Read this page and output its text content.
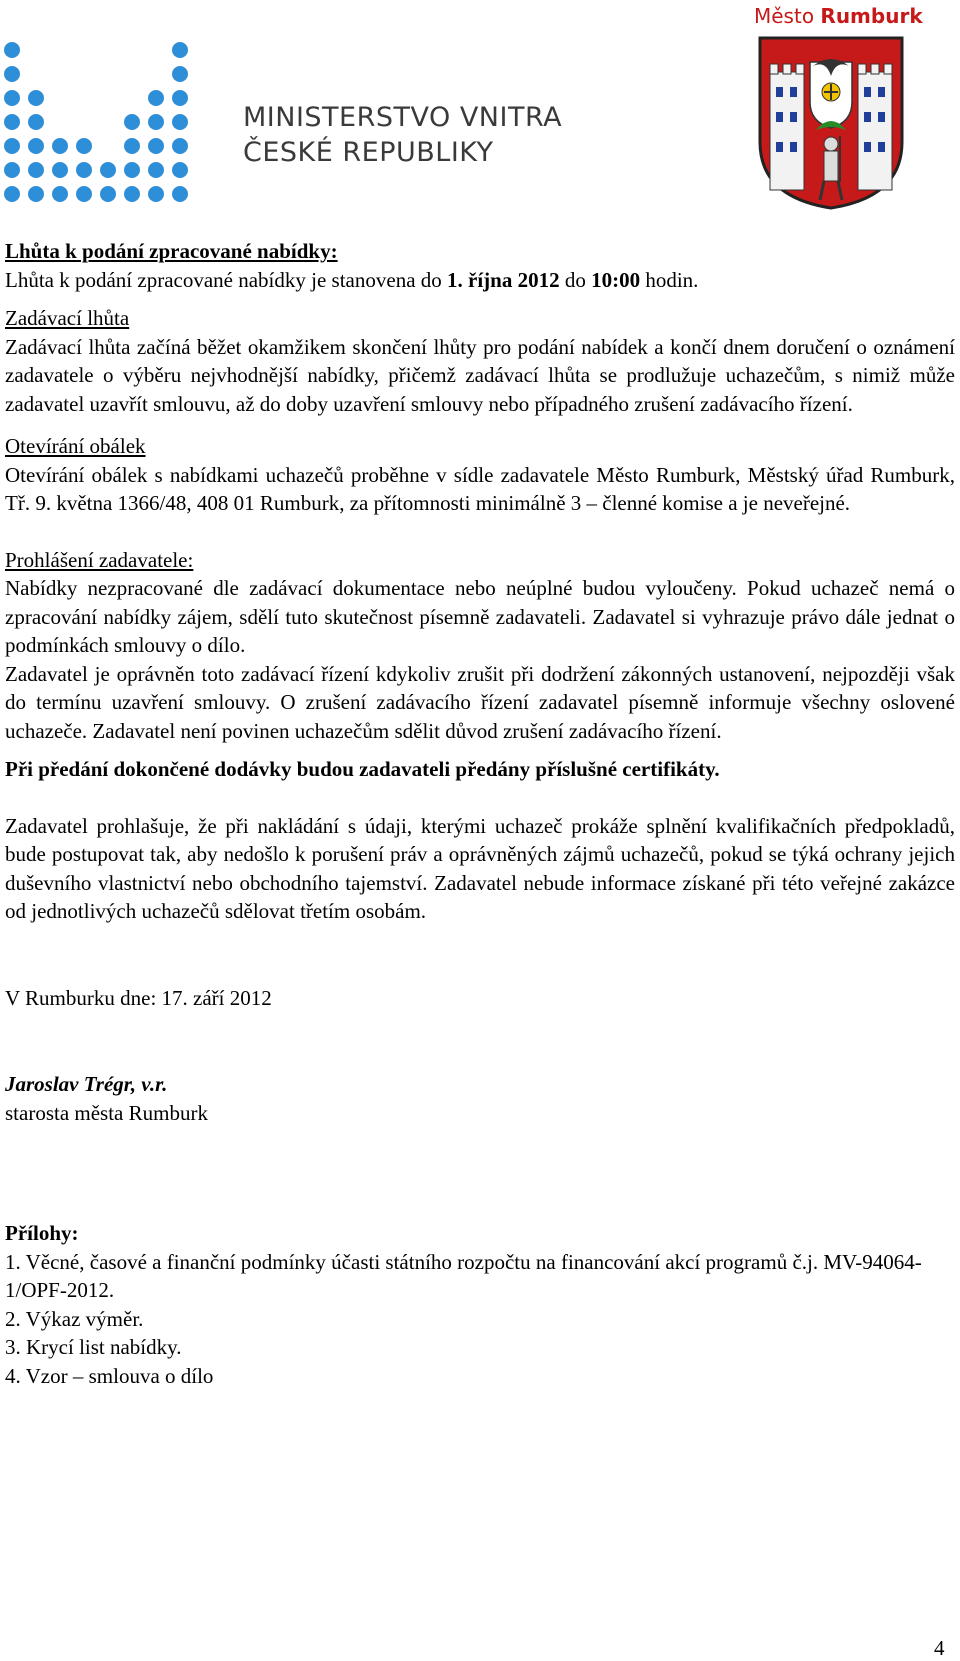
MINISTERSTVO VNITRA
ČESKÉ REPUBLIKY
Město Rumburk

Lhůta k podání zpracované nabídky:

Lhůta k podání zpracované nabídky je stanovena do 1. října 2012 do 10:00 hodin.

Zadávací lhůta

Zadávací lhůta začíná běžet okamžikem skončení lhůty pro podání nabídek a končí dnem doručení o oznámení zadavatele o výběru nejvhodnější nabídky, přičemž zadávací lhůta se prodlužuje uchazečům, s nimiž může zadavatel uzavřít smlouvu, až do doby uzavření smlouvy nebo případného zrušení zadávacího řízení.

Otevírání obálek

Otevírání obálek s nabídkami uchazečů proběhne v sídle zadavatele Město Rumburk, Městský úřad Rumburk, Tř. 9. května 1366/48, 408 01 Rumburk, za přítomnosti minimálně 3 – členné komise a je neveřejné.

Prohlášení zadavatele:

Nabídky nezpracované dle zadávací dokumentace nebo neúplné budou vyloučeny. Pokud uchazeč nemá o zpracování nabídky zájem, sdělí tuto skutečnost písemně zadavateli. Zadavatel si vyhrazuje právo dále jednat o podmínkách smlouvy o dílo.

Zadavatel je oprávněn toto zadávací řízení kdykoliv zrušit při dodržení zákonných ustanovení, nejpozději však do termínu uzavření smlouvy. O zrušení zadávacího řízení zadavatel písemně informuje všechny oslovené uchazeče. Zadavatel není povinen uchazečům sdělit důvod zrušení zadávacího řízení.

Při předání dokončené dodávky budou zadavateli předány příslušné certifikáty.

Zadavatel prohlašuje, že při nakládání s údaji, kterými uchazeč prokáže splnění kvalifikačních předpokladů, bude postupovat tak, aby nedošlo k porušení práv a oprávněných zájmů uchazečů, pokud se týká ochrany jejich duševního vlastnictví nebo obchodního tajemství. Zadavatel nebude informace získané při této veřejné zakázce od jednotlivých uchazečů sdělovat třetím osobám.

V Rumburku dne: 17. září 2012

Jaroslav Trégr, v.r.

starosta města Rumburk

Přílohy:

1. Věcné, časové a finanční podmínky účasti státního rozpočtu na financování akcí programů č.j. MV-94064-1/OPF-2012.

2. Výkaz výměr.

3. Krycí list nabídky.

4. Vzor – smlouva o dílo

4
